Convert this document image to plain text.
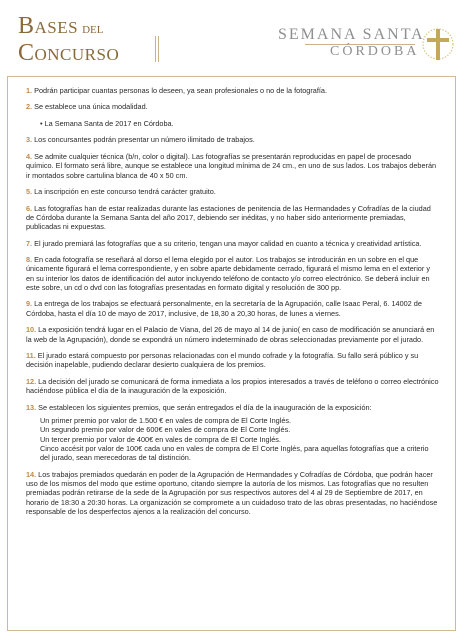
Bases del
Concurso
SEMANA SANTA
CÓRDOBA

1. Podrán participar cuantas personas lo deseen, ya sean profesionales o no de la fotografía.

2. Se establece una única modalidad.

• La Semana Santa de 2017 en Córdoba.

3. Los concursantes podrán presentar un número ilimitado de trabajos.

4. Se admite cualquier técnica (b/n, color o digital). Las fotografías se presentarán reproducidas en papel de procesado químico. El formato será libre, aunque se establece una longitud mínima de 24 cm., en uno de sus lados. Los trabajos deberán ir montados sobre cartulina blanca de 40 x 50 cm.

5. La inscripción en este concurso tendrá carácter gratuito.

6. Las fotografías han de estar realizadas durante las estaciones de penitencia de las Hermandades y Cofradías de la ciudad de Córdoba durante la Semana Santa del año 2017, debiendo ser inéditas, y no haber sido anteriormente premiadas, publicadas ni expuestas.

7. El jurado premiará las fotografías que a su criterio, tengan una mayor calidad en cuanto a técnica y creatividad artística.

8. En cada fotografía se reseñará al dorso el lema elegido por el autor. Los trabajos se introducirán en un sobre en el que únicamente figurará el lema correspondiente, y en sobre aparte debidamente cerrado, figurará el mismo lema en el exterior y en su interior los datos de identificación del autor incluyendo teléfono de contacto y/o correo electrónico. Se deberá incluir en este sobre, un cd o dvd con las fotografías presentadas en formato digital y resolución de 300 pp.

9. La entrega de los trabajos se efectuará personalmente, en la secretaría de la Agrupación, calle Isaac Peral, 6. 14002 de Córdoba, hasta el día 10 de mayo de 2017, inclusive, de 18,30 a 20,30 horas, de lunes a viernes.

10. La exposición tendrá lugar en el Palacio de Viana, del 26 de mayo al 14 de junio( en caso de modificación se anunciará en la web de la Agrupación), donde se expondrá un número indeterminado de obras seleccionadas previamente por el jurado.

11. El jurado estará compuesto por personas relacionadas con el mundo cofrade y la fotografía. Su fallo será público y su decisión inapelable, pudiendo declarar desierto cualquiera de los premios.

12. La decisión del jurado se comunicará de forma inmediata a los propios interesados a través de teléfono o correo electrónico haciéndose pública el día de la inauguración de la exposición.

13. Se establecen los siguientes premios, que serán entregados el día de la inauguración de la exposición:

Un primer premio por valor de 1.500 € en vales de compra de El Corte Inglés.

Un segundo premio por valor de 600€ en vales de compra de El Corte Inglés.

Un tercer premio por valor de 400€ en vales de compra de El Corte Inglés.

Cinco accésit por valor de 100€ cada uno en vales de compra de El Corte Inglés, para aquellas fotografías que a criterio del jurado, sean merecedoras de tal distinción.

14. Los trabajos premiados quedarán en poder de la Agrupación de Hermandades y Cofradías de Córdoba, que podrán hacer uso de los mismos del modo que estime oportuno, citando siempre la autoría de los mismos. Las fotografías que no resulten premiadas podrán retirarse de la sede de la Agrupación por sus respectivos autores del 4 al 29 de Septiembre de 2017, en horario de 18:30 a 20:30 horas. La organización se compromete a un cuidadoso trato de las obras presentadas, no haciéndose responsable de los desperfectos ajenos a la realización del concurso.
